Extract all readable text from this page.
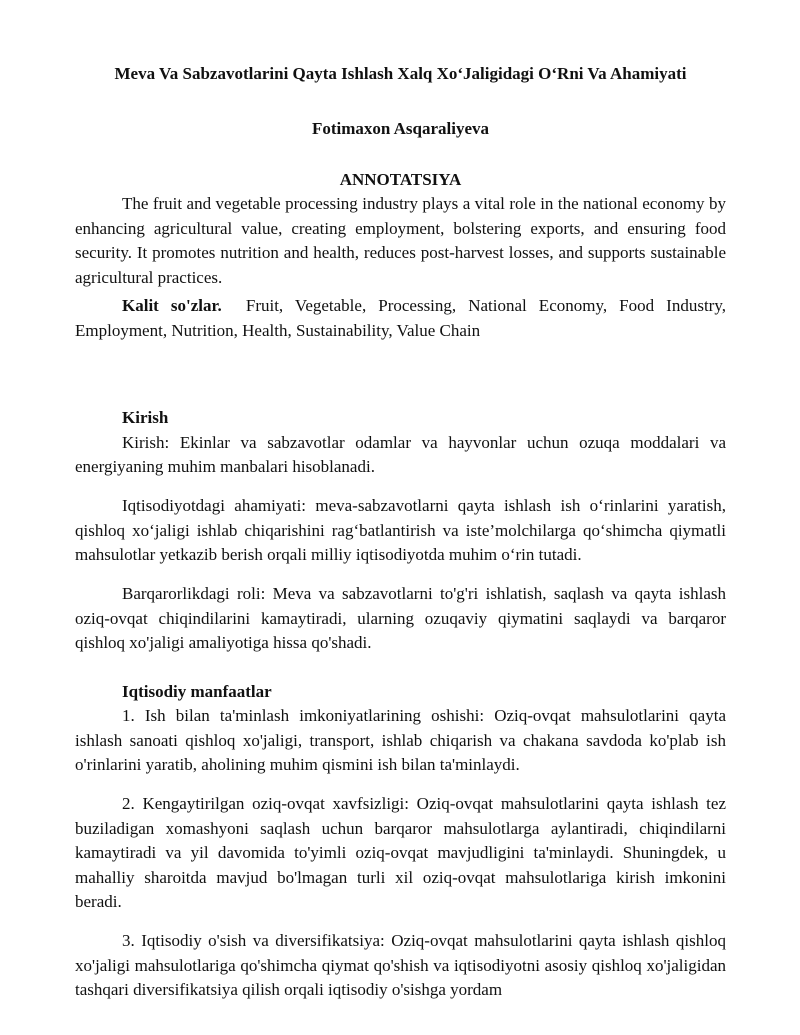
Meva Va Sabzavotlarini Qayta Ishlash Xalq Xo‘Jaligidagi O‘Rni Va Ahamiyati
Fotimaxon Asqaraliyeva
ANNOTATSIYA

The fruit and vegetable processing industry plays a vital role in the national economy by enhancing agricultural value, creating employment, bolstering exports, and ensuring food security. It promotes nutrition and health, reduces post-harvest losses, and supports sustainable agricultural practices.

Kalit so'zlar. Fruit, Vegetable, Processing, National Economy, Food Industry, Employment, Nutrition, Health, Sustainability, Value Chain

Kirish

Kirish: Ekinlar va sabzavotlar odamlar va hayvonlar uchun ozuqa moddalari va energiyaning muhim manbalari hisoblanadi.

Iqtisodiyotdagi ahamiyati: meva-sabzavotlarni qayta ishlash ish o‘rinlarini yaratish, qishloq xo‘jaligi ishlab chiqarishini rag‘batlantirish va iste’molchilarga qo‘shimcha qiymatli mahsulotlar yetkazib berish orqali milliy iqtisodiyotda muhim o‘rin tutadi.

Barqarorlikdagi roli: Meva va sabzavotlarni to'g'ri ishlatish, saqlash va qayta ishlash oziq-ovqat chiqindilarini kamaytiradi, ularning ozuqaviy qiymatini saqlaydi va barqaror qishloq xo'jaligi amaliyotiga hissa qo'shadi.

Iqtisodiy manfaatlar

1. Ish bilan ta'minlash imkoniyatlarining oshishi: Oziq-ovqat mahsulotlarini qayta ishlash sanoati qishloq xo'jaligi, transport, ishlab chiqarish va chakana savdoda ko'plab ish o'rinlarini yaratib, aholining muhim qismini ish bilan ta'minlaydi.

2. Kengaytirilgan oziq-ovqat xavfsizligi: Oziq-ovqat mahsulotlarini qayta ishlash tez buziladigan xomashyoni saqlash uchun barqaror mahsulotlarga aylantiradi, chiqindilarni kamaytiradi va yil davomida to'yimli oziq-ovqat mavjudligini ta'minlaydi. Shuningdek, u mahalliy sharoitda mavjud bo'lmagan turli xil oziq-ovqat mahsulotlariga kirish imkonini beradi.

3. Iqtisodiy o'sish va diversifikatsiya: Oziq-ovqat mahsulotlarini qayta ishlash qishloq xo'jaligi mahsulotlariga qo'shimcha qiymat qo'shish va iqtisodiyotni asosiy qishloq xo'jaligidan tashqari diversifikatsiya qilish orqali iqtisodiy o'sishga yordam
